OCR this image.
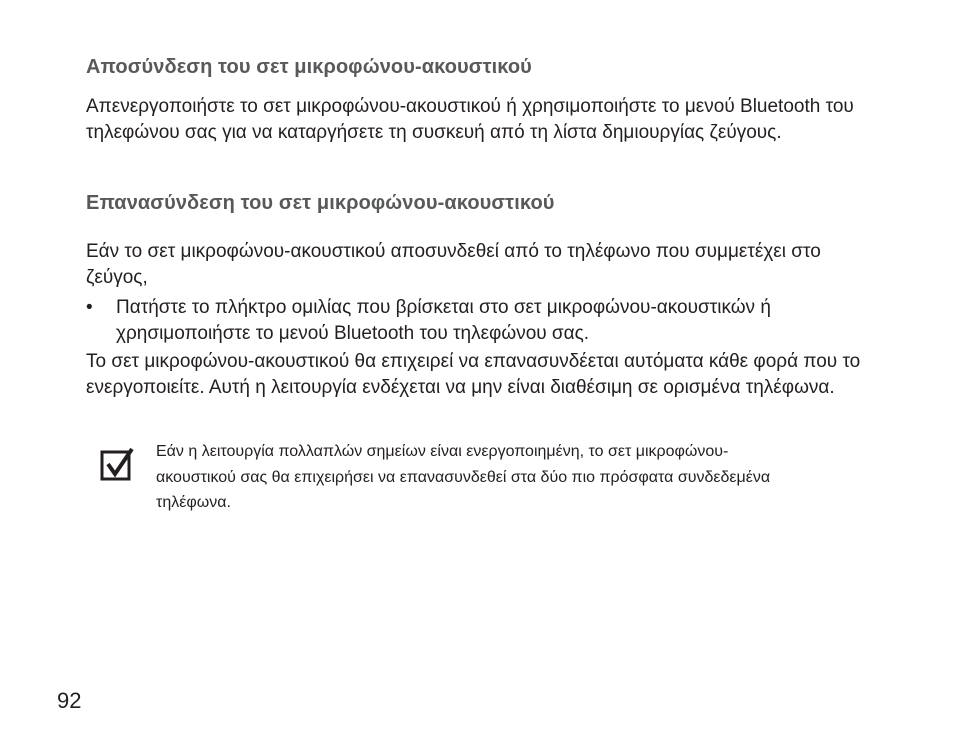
Αποσύνδεση του σετ μικροφώνου-ακουστικού
Απενεργοποιήστε το σετ μικροφώνου-ακουστικού ή χρησιμοποιήστε το μενού Bluetooth του τηλεφώνου σας για να καταργήσετε τη συσκευή από τη λίστα δημιουργίας ζεύγους.
Επανασύνδεση του σετ μικροφώνου-ακουστικού
Εάν το σετ μικροφώνου-ακουστικού αποσυνδεθεί από το τηλέφωνο που συμμετέχει στο ζεύγος,
• Πατήστε το πλήκτρο ομιλίας που βρίσκεται στο σετ μικροφώνου-ακουστικών ή χρησιμοποιήστε το μενού Bluetooth του τηλεφώνου σας.
Το σετ μικροφώνου-ακουστικού θα επιχειρεί να επανασυνδέεται αυτόματα κάθε φορά που το ενεργοποιείτε. Αυτή η λειτουργία ενδέχεται να μην είναι διαθέσιμη σε ορισμένα τηλέφωνα.
Εάν η λειτουργία πολλαπλών σημείων είναι ενεργοποιημένη, το σετ μικροφώνου-ακουστικού σας θα επιχειρήσει να επανασυνδεθεί στα δύο πιο πρόσφατα συνδεδεμένα τηλέφωνα.
92
